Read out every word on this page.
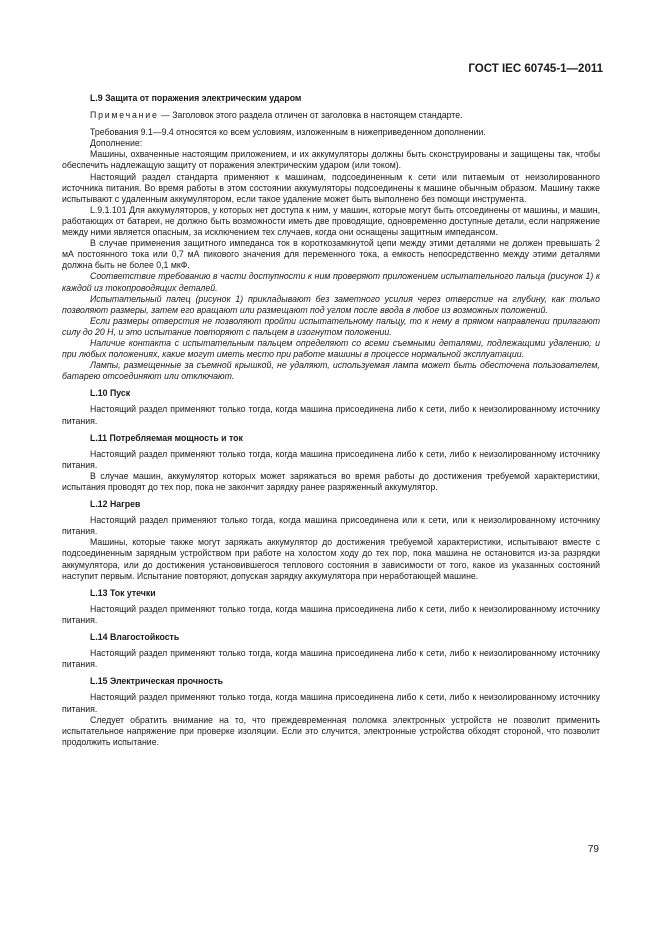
ГОСТ IEC 60745-1—2011
L.9 Защита от поражения электрическим ударом

Примечание — Заголовок этого раздела отличен от заголовка в настоящем стандарте.

Требования 9.1—9.4 относятся ко всем условиям, изложенным в нижеприведенном дополнении.

Дополнение:

Машины, охваченные настоящим приложением, и их аккумуляторы должны быть сконструированы и защищены так, чтобы обеспечить надлежащую защиту от поражения электрическим ударом (или током).

Настоящий раздел стандарта применяют к машинам, подсоединенным к сети или питаемым от неизолированного источника питания. Во время работы в этом состоянии аккумуляторы подсоединены к машине обычным образом. Машину также испытывают с удаленным аккумулятором, если такое удаление может быть выполнено без помощи инструмента.

L.9.1.101 Для аккумуляторов, у которых нет доступа к ним, у машин, которые могут быть отсоединены от машины, и машин, работающих от батареи, не должно быть возможности иметь две проводящие, одновременно доступные детали, если напряжение между ними является опасным, за исключением тех случаев, когда они оснащены защитным импедансом.

В случае применения защитного импеданса ток в короткозамкнутой цепи между этими деталями не должен превышать 2 мА постоянного тока или 0,7 мА пикового значения для переменного тока, а емкость непосредственно между этими деталями должна быть не более 0,1 мкФ.

Соответствие требованию в части доступности к ним проверяют приложением испытательного пальца (рисунок 1) к каждой из токопроводящих деталей.

Испытательный палец (рисунок 1) прикладывают без заметного усилия через отверстие на глубину, как только позволяют размеры, затем его вращают или размещают под углом после ввода в любое из возможных положений.

Если размеры отверстия не позволяют пройти испытательному пальцу, то к нему в прямом направлении прилагают силу до 20 Н, и это испытание повторяют с пальцем в изогнутом положении.

Наличие контакта с испытательным пальцем определяют со всеми съемными деталями, подлежащими удалению, и при любых положениях, какие могут иметь место при работе машины в процессе нормальной эксплуатации.

Лампы, размещенные за съемной крышкой, не удаляют, используемая лампа может быть обесточена пользователем, батарею отсоединяют или отключают.

L.10 Пуск

Настоящий раздел применяют только тогда, когда машина присоединена либо к сети, либо к неизолированному источнику питания.

L.11 Потребляемая мощность и ток

Настоящий раздел применяют только тогда, когда машина присоединена либо к сети, либо к неизолированному источнику питания.

В случае машин, аккумулятор которых может заряжаться во время работы до достижения требуемой характеристики, испытания проводят до тех пор, пока не закончит зарядку ранее разряженный аккумулятор.

L.12 Нагрев

Настоящий раздел применяют только тогда, когда машина присоединена или к сети, или к неизолированному источнику питания.

Машины, которые также могут заряжать аккумулятор до достижения требуемой характеристики, испытывают вместе с подсоединенным зарядным устройством при работе на холостом ходу до тех пор, пока машина не остановится из-за разрядки аккумулятора, или до достижения установившегося теплового состояния в зависимости от того, какое из указанных состояний наступит первым. Испытание повторяют, допуская зарядку аккумулятора при неработающей машине.

L.13 Ток утечки

Настоящий раздел применяют только тогда, когда машина присоединена либо к сети, либо к неизолированному источнику питания.

L.14 Влагостойкость

Настоящий раздел применяют только тогда, когда машина присоединена либо к сети, либо к неизолированному источнику питания.

L.15 Электрическая прочность

Настоящий раздел применяют только тогда, когда машина присоединена либо к сети, либо к неизолированному источнику питания.

Следует обратить внимание на то, что преждевременная поломка электронных устройств не позволит применить испытательное напряжение при проверке изоляции. Если это случится, электронные устройства обходят стороной, что позволит продолжить испытание.

79
